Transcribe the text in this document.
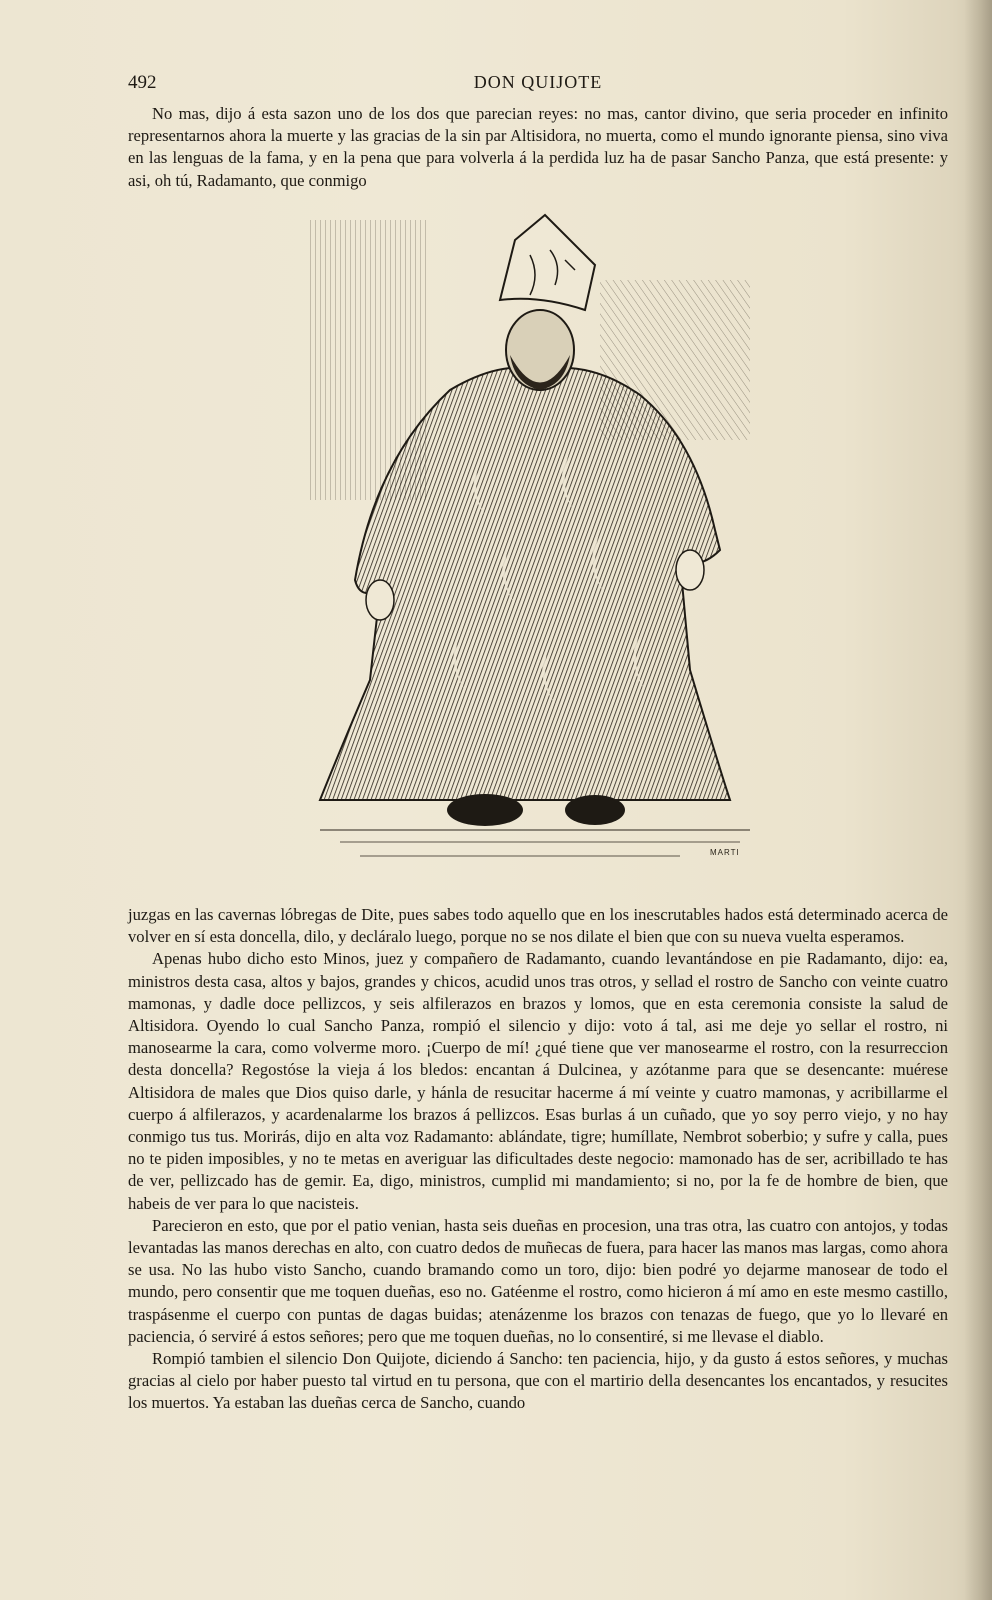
492	DON QUIJOTE

No mas, dijo á esta sazon uno de los dos que parecian reyes: no mas, cantor divino, que seria proceder en infinito representarnos ahora la muerte y las gracias de la sin par Altisidora, no muerta, como el mundo ignorante piensa, sino viva en las lenguas de la fama, y en la pena que para volverla á la perdida luz ha de pasar Sancho Panza, que está presente: y asi, oh tú, Radamanto, que conmigo

MARTI

juzgas en las cavernas lóbregas de Dite, pues sabes todo aquello que en los inescrutables hados está determinado acerca de volver en sí esta doncella, dilo, y decláralo luego, porque no se nos dilate el bien que con su nueva vuelta esperamos.

Apenas hubo dicho esto Minos, juez y compañero de Radamanto, cuando levantándose en pie Radamanto, dijo: ea, ministros desta casa, altos y bajos, grandes y chicos, acudid unos tras otros, y sellad el rostro de Sancho con veinte cuatro mamonas, y dadle doce pellizcos, y seis alfilerazos en brazos y lomos, que en esta ceremonia consiste la salud de Altisidora. Oyendo lo cual Sancho Panza, rompió el silencio y dijo: voto á tal, asi me deje yo sellar el rostro, ni manosearme la cara, como volverme moro. ¡Cuerpo de mí! ¿qué tiene que ver manosearme el rostro, con la resurreccion desta doncella? Regostóse la vieja á los bledos: encantan á Dulcinea, y azótanme para que se desencante: muérese Altisidora de males que Dios quiso darle, y hánla de resucitar hacerme á mí veinte y cuatro mamonas, y acribillarme el cuerpo á alfilerazos, y acardenalarme los brazos á pellizcos. Esas burlas á un cuñado, que yo soy perro viejo, y no hay conmigo tus tus. Morirás, dijo en alta voz Radamanto: ablándate, tigre; humíllate, Nembrot soberbio; y sufre y calla, pues no te piden imposibles, y no te metas en averiguar las dificultades deste negocio: mamonado has de ser, acribillado te has de ver, pellizcado has de gemir. Ea, digo, ministros, cumplid mi mandamiento; si no, por la fe de hombre de bien, que habeis de ver para lo que nacisteis.

Parecieron en esto, que por el patio venian, hasta seis dueñas en procesion, una tras otra, las cuatro con antojos, y todas levantadas las manos derechas en alto, con cuatro dedos de muñecas de fuera, para hacer las manos mas largas, como ahora se usa. No las hubo visto Sancho, cuando bramando como un toro, dijo: bien podré yo dejarme manosear de todo el mundo, pero consentir que me toquen dueñas, eso no. Gatéenme el rostro, como hicieron á mí amo en este mesmo castillo, traspásenme el cuerpo con puntas de dagas buidas; atenázenme los brazos con tenazas de fuego, que yo lo llevaré en paciencia, ó serviré á estos señores; pero que me toquen dueñas, no lo consentiré, si me llevase el diablo.

Rompió tambien el silencio Don Quijote, diciendo á Sancho: ten paciencia, hijo, y da gusto á estos señores, y muchas gracias al cielo por haber puesto tal virtud en tu persona, que con el martirio della desencantes los encantados, y resucites los muertos. Ya estaban las dueñas cerca de Sancho, cuando
